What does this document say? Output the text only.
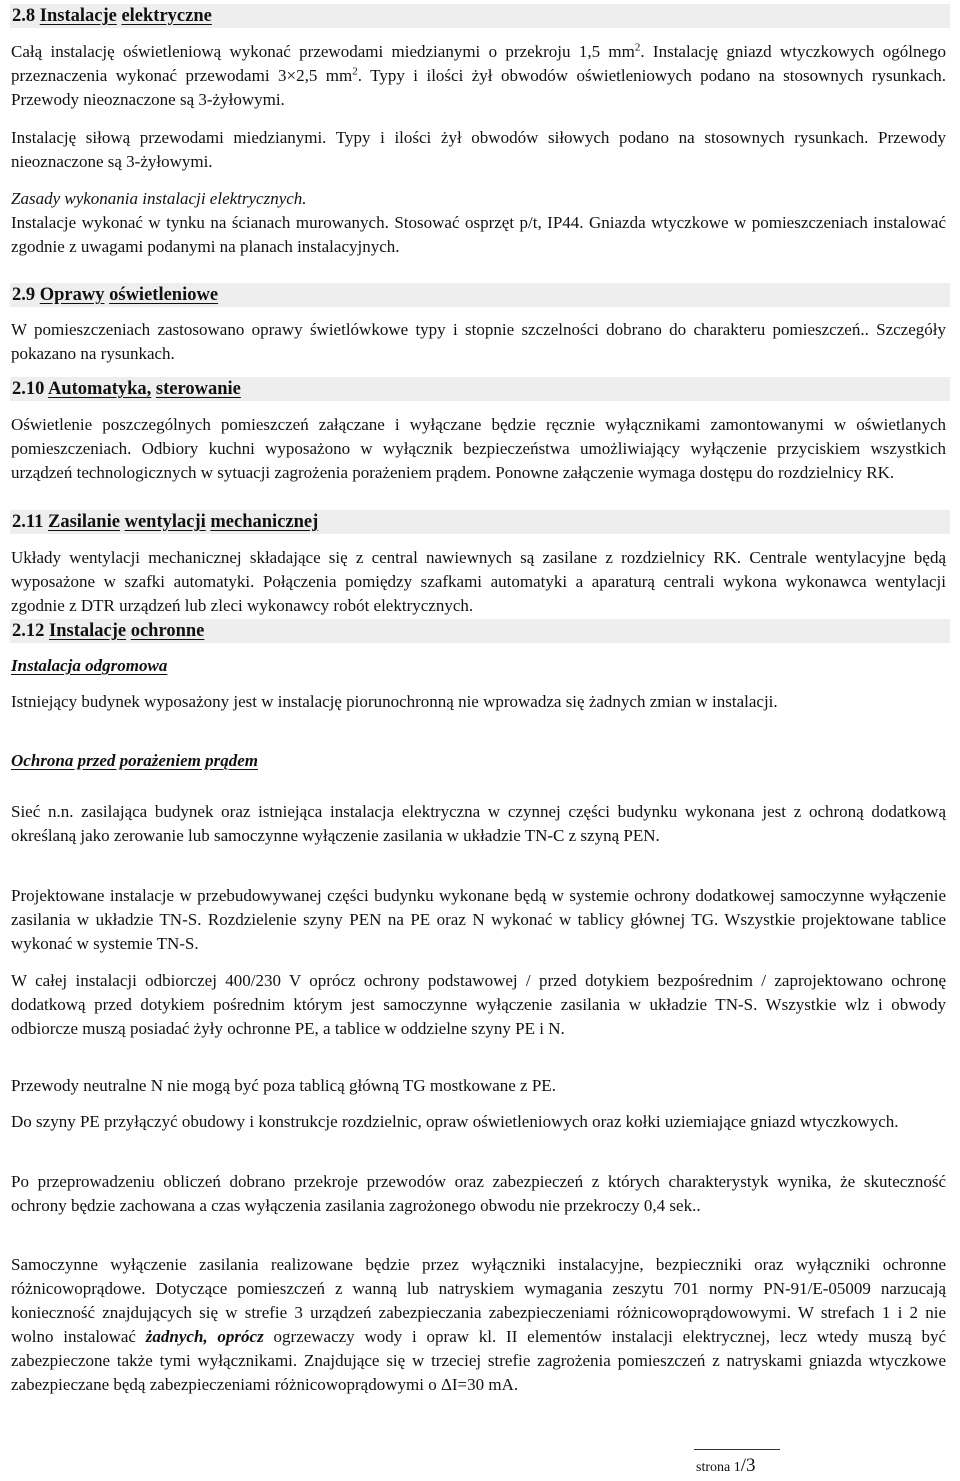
2.8 Instalacje elektryczne

Całą instalację oświetleniową wykonać przewodami miedzianymi o przekroju 1,5 $mm^2$. Instalację gniazd wtyczkowych ogólnego przeznaczenia wykonać przewodami 3×2,5 $mm^2$. Typy i ilości żył obwodów oświetleniowych podano na stosownych rysunkach. Przewody nieoznaczone są 3-żyłowymi.

Instalację siłową przewodami miedzianymi. Typy i ilości żył obwodów siłowych podano na stosownych rysunkach. Przewody nieoznaczone są 3-żyłowymi.

Zasady wykonania instalacji elektrycznych.

Instalacje wykonać w tynku na ścianach murowanych. Stosować osprzęt p/t, IP44. Gniazda wtyczkowe w pomieszczeniach instalować zgodnie z uwagami podanymi na planach instalacyjnych.

2.9 Oprawy oświetleniowe

W pomieszczeniach zastosowano oprawy świetlówkowe typy i stopnie szczelności dobrano do charakteru pomieszczeń.. Szczegóły pokazano na rysunkach.

2.10 Automatyka, sterowanie

Oświetlenie poszczególnych pomieszczeń załączane i wyłączane będzie ręcznie wyłącznikami zamontowanymi w oświetlanych pomieszczeniach. Odbiory kuchni wyposażono w wyłącznik bezpieczeństwa umożliwiający wyłączenie przyciskiem wszystkich urządzeń technologicznych w sytuacji zagrożenia porażeniem prądem. Ponowne załączenie wymaga dostępu do rozdzielnicy RK.

2.11 Zasilanie wentylacji mechanicznej

Układy wentylacji mechanicznej składające się z central nawiewnych są zasilane z rozdzielnicy RK. Centrale wentylacyjne będą wyposażone w szafki automatyki. Połączenia pomiędzy szafkami automatyki a aparaturą centrali wykona wykonawca wentylacji zgodnie z DTR urządzeń lub zleci wykonawcy robót elektrycznych.

2.12 Instalacje ochronne
Instalacja odgromowa

Istniejący budynek wyposażony jest w instalację piorunochronną nie wprowadza się żadnych zmian w instalacji.

Ochrona przed porażeniem prądem

Sieć n.n. zasilająca budynek oraz istniejąca instalacja elektryczna w czynnej części budynku wykonana jest z ochroną dodatkową określaną jako zerowanie lub samoczynne wyłączenie zasilania w układzie TN-C z szyną PEN.

Projektowane instalacje w przebudowywanej części budynku wykonane będą w systemie ochrony dodatkowej samoczynne wyłączenie zasilania w układzie TN-S. Rozdzielenie szyny PEN na PE oraz N wykonać w tablicy głównej TG. Wszystkie projektowane tablice wykonać w systemie TN-S.

W całej instalacji odbiorczej 400/230 V oprócz ochrony podstawowej / przed dotykiem bezpośrednim / zaprojektowano ochronę dodatkową przed dotykiem pośrednim którym jest samoczynne wyłączenie zasilania w układzie TN-S. Wszystkie wlz i obwody odbiorcze muszą posiadać żyły ochronne PE, a tablice w oddzielne szyny PE i N.

Przewody neutralne N nie mogą być poza tablicą główną TG mostkowane z PE.

Do szyny PE przyłączyć obudowy i konstrukcje rozdzielnic, opraw oświetleniowych oraz kołki uziemiające gniazd wtyczkowych.

Po przeprowadzeniu obliczeń dobrano przekroje przewodów oraz zabezpieczeń z których charakterystyk wynika, że skuteczność ochrony będzie zachowana a czas wyłączenia zasilania zagrożonego obwodu nie przekroczy 0,4 sek..

Samoczynne wyłączenie zasilania realizowane będzie przez wyłączniki instalacyjne, bezpieczniki oraz wyłączniki ochronne różnicowoprądowe. Dotyczące pomieszczeń z wanną lub natryskiem wymagania zeszytu 701 normy PN-91/E-05009 narzucają konieczność znajdujących się w strefie 3 urządzeń zabezpieczania zabezpieczeniami różnicowoprądowowymi. W strefach 1 i 2 nie wolno instalować żadnych, oprócz ogrzewaczy wody i opraw kl. II elementów instalacji elektrycznej, lecz wtedy muszą być zabezpieczone także tymi wyłącznikami. Znajdujące się w trzeciej strefie zagrożenia pomieszczeń z natryskami gniazda wtyczkowe zabezpieczane będą zabezpieczeniami różnicowoprądowymi o ΔI=30 mA.

strona 1/3
